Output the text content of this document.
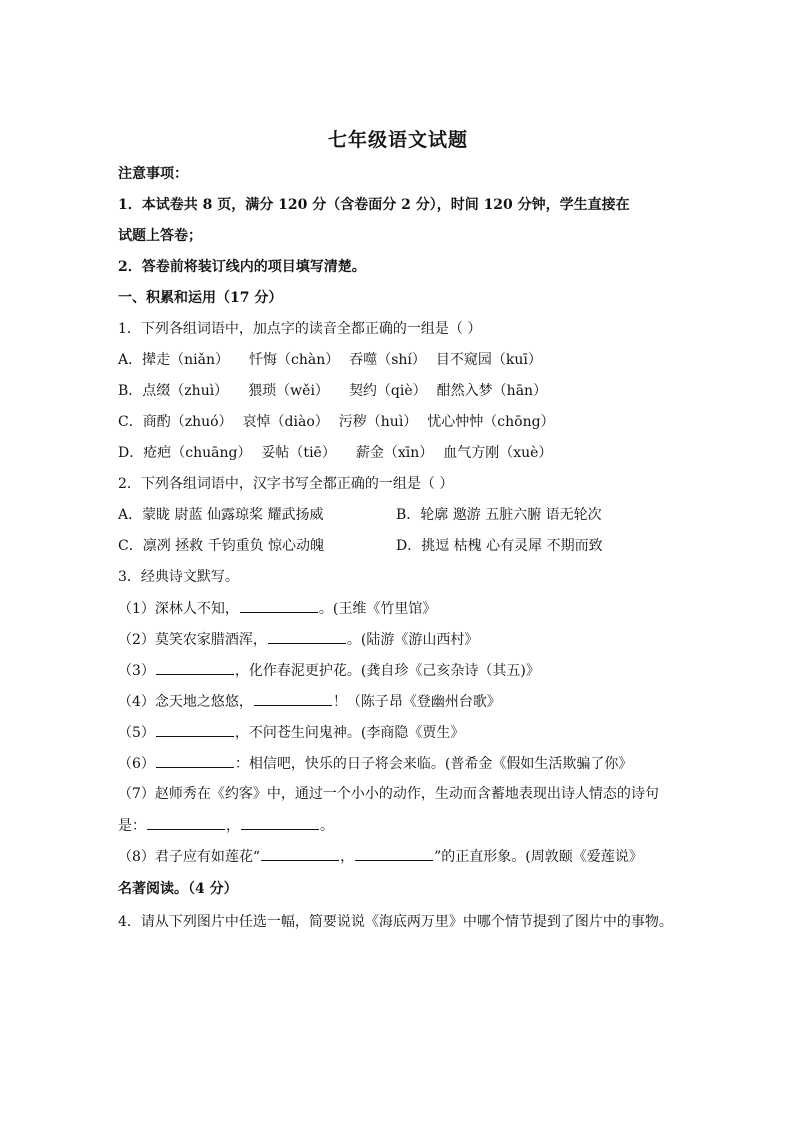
七年级语文试题
注意事项：
1．本试卷共 8 页，满分 120 分（含卷面分 2 分），时间 120 分钟，学生直接在
试题上答卷；
2．答卷前将装订线内的项目填写清楚。
一、积累和运用（17 分）
1．下列各组词语中，加点字的读音全都正确的一组是（ ）
A．撵走（niǎn） 忏悔（chàn） 吞噬（shí） 目不窥园（kuī）
B．点缀（zhuì） 猥琐（wěi） 契约（qiè） 酣然入梦（hān）
C．商酌（zhuó） 哀悼（diào） 污秽（huì） 忧心忡忡（chōng）
D．疮疤（chuāng） 妥帖（tiē） 薪金（xīn） 血气方刚（xuè）
2．下列各组词语中，汉字书写全都正确的一组是（ ）
A．蒙眬 尉蓝 仙露琼桨 耀武扬威	B．轮廓 邀游 五脏六腑 语无轮次
C．凛冽 拯救 千钧重负 惊心动魄	D．挑逗 枯槐 心有灵犀 不期而致
3．经典诗文默写。
（1）深林人不知，	。(王维《竹里馆》
（2）莫笑农家腊酒浑，	。(陆游《游山西村》
（3）	，化作春泥更护花。(龚自珍《己亥杂诗（其五)》
（4）念天地之悠悠，	！（陈子昂《登幽州台歌》
（5）	，不问苍生问鬼神。(李商隐《贾生》
（6）	：相信吧，快乐的日子将会来临。(普希金《假如生活欺骗了你》
（7）赵师秀在《约客》中，通过一个小小的动作，生动而含蓄地表现出诗人情态的诗句
是：	，	。
（8）君子应有如莲花“	，	”的正直形象。(周敦颐《爱莲说》
名著阅读。（4 分）
4．请从下列图片中任选一幅，简要说说《海底两万里》中哪个情节提到了图片中的事物。
